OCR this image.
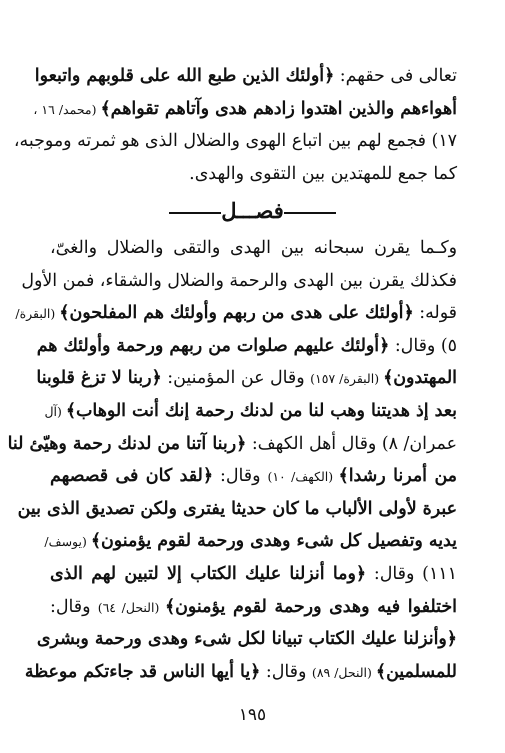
تعالى فى حقهم: ﴿أولئك الذين طبع الله على قلوبهم واتبعوا
أهواءهم والذين اهتدوا زادهم هدى وآتاهم تقواهم﴾ (محمد/ ١٦ ،
١٧) فجمع لهم بين اتباع الهوى والضلال الذى هو ثمرته وموجبه،
كما جمع للمهتدين بين التقوى والهدى.
فصـــل
وكـما يقرن سبحانه بين الهدى والتقى والضلال والغىّ،
فكذلك يقرن بين الهدى والرحمة والضلال والشقاء، فمن الأول
قوله: ﴿أولئك على هدى من ربهم وأولئك هم المفلحون﴾ (البقرة/
٥) وقال: ﴿أولئك عليهم صلوات من ربهم ورحمة وأولئك هم
المهتدون﴾ (البقرة/ ١٥٧) وقال عن المؤمنين: ﴿ربنا لا تزغ قلوبنا
بعد إذ هديتنا وهب لنا من لدنك رحمة إنك أنت الوهاب﴾ (آل
عمران/ ٨) وقال أهل الكهف: ﴿ربنا آتنا من لدنك رحمة وهيّئ لنا
من أمرنا رشدا﴾ (الكهف/ ١٠) وقال: ﴿لقد كان فى قصصهم
عبرة لأولى الألباب ما كان حديثا يفترى ولكن تصديق الذى بين
يديه وتفصيل كل شىء وهدى ورحمة لقوم يؤمنون﴾ (يوسف/
١١١) وقال: ﴿وما أنزلنا عليك الكتاب إلا لتبين لهم الذى
اختلفوا فيه وهدى ورحمة لقوم يؤمنون﴾ (النحل/ ٦٤) وقال:
﴿وأنزلنا عليك الكتاب تبيانا لكل شىء وهدى ورحمة وبشرى
للمسلمين﴾ (النحل/ ٨٩) وقال: ﴿يا أيها الناس قد جاءتكم موعظة
١٩٥
